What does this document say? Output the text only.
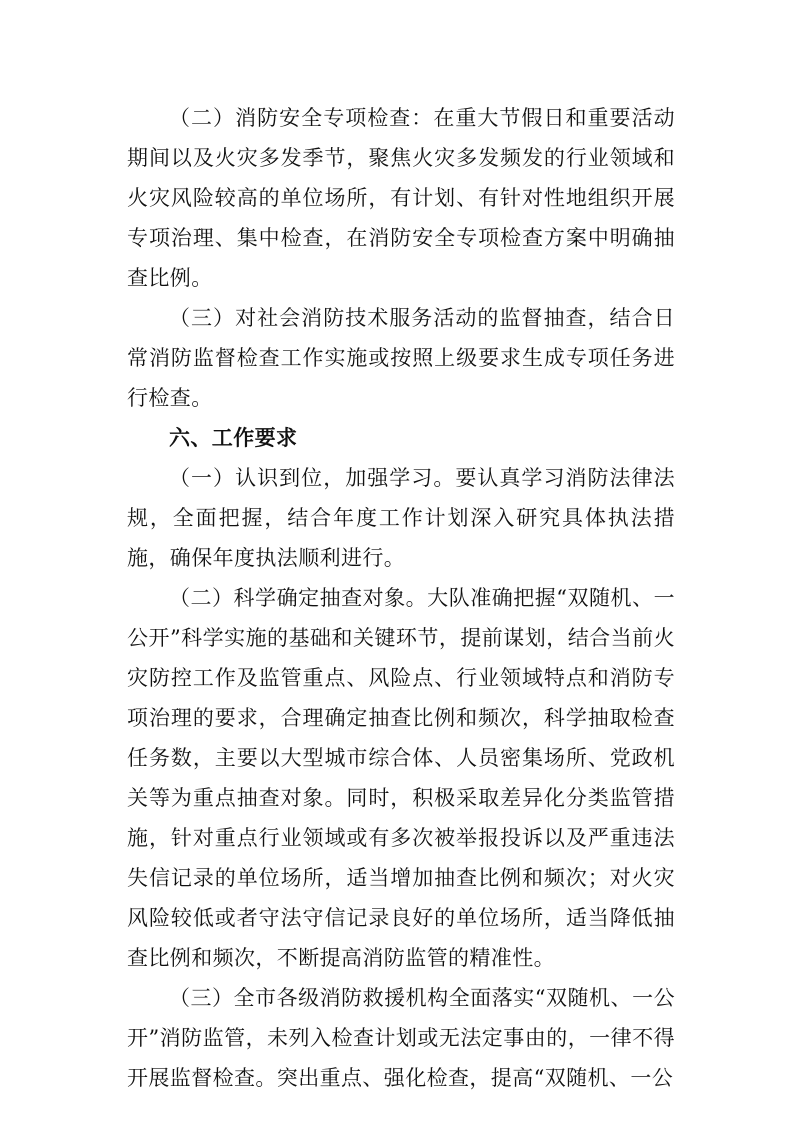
（二）消防安全专项检查：在重大节假日和重要活动期间以及火灾多发季节，聚焦火灾多发频发的行业领域和火灾风险较高的单位场所，有计划、有针对性地组织开展专项治理、集中检查，在消防安全专项检查方案中明确抽查比例。

（三）对社会消防技术服务活动的监督抽查，结合日常消防监督检查工作实施或按照上级要求生成专项任务进行检查。

六、工作要求

（一）认识到位，加强学习。要认真学习消防法律法规，全面把握，结合年度工作计划深入研究具体执法措施，确保年度执法顺利进行。

（二）科学确定抽查对象。大队准确把握“双随机、一公开”科学实施的基础和关键环节，提前谋划，结合当前火灾防控工作及监管重点、风险点、行业领域特点和消防专项治理的要求，合理确定抽查比例和频次，科学抽取检查任务数，主要以大型城市综合体、人员密集场所、党政机关等为重点抽查对象。同时，积极采取差异化分类监管措施，针对重点行业领域或有多次被举报投诉以及严重违法失信记录的单位场所，适当增加抽查比例和频次；对火灾风险较低或者守法守信记录良好的单位场所，适当降低抽查比例和频次，不断提高消防监管的精准性。

（三）全市各级消防救援机构全面落实“双随机、一公开”消防监管，未列入检查计划或无法定事由的，一律不得开展监督检查。突出重点、强化检查，提高“双随机、一公
